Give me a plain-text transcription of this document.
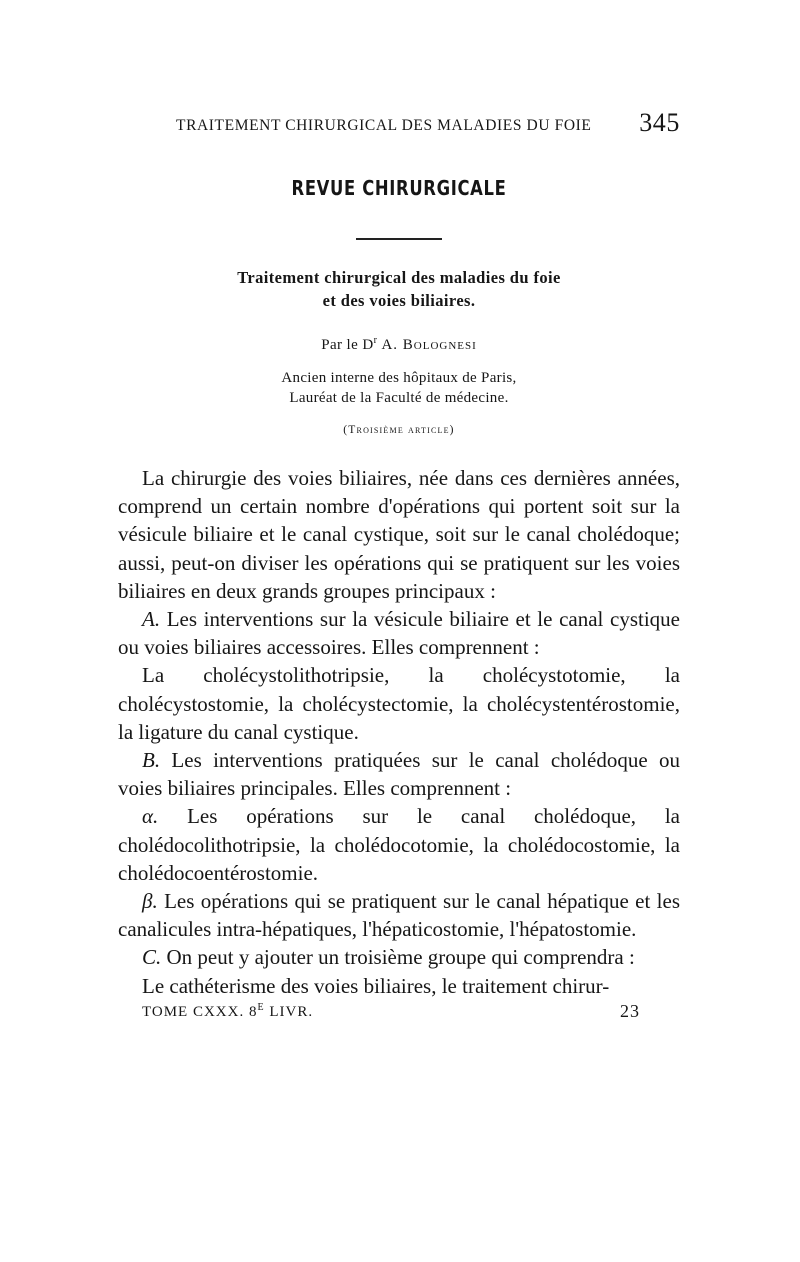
TRAITEMENT CHIRURGICAL DES MALADIES DU FOIE 345
REVUE CHIRURGICALE
Traitement chirurgical des maladies du foie
et des voies biliaires.
Par le $D^r$ A. Bolognesi
Ancien interne des hôpitaux de Paris,
Lauréat de la Faculté de médecine.
(Troisième article)

La chirurgie des voies biliaires, née dans ces dernières années, comprend un certain nombre d'opérations qui portent soit sur la vésicule biliaire et le canal cystique, soit sur le canal cholédoque; aussi, peut-on diviser les opérations qui se pratiquent sur les voies biliaires en deux grands groupes principaux :

A. Les interventions sur la vésicule biliaire et le canal cystique ou voies biliaires accessoires. Elles comprennent :

La cholécystolithotripsie, la cholécystotomie, la cholécystostomie, la cholécystectomie, la cholécystentérostomie, la ligature du canal cystique.

B. Les interventions pratiquées sur le canal cholédoque ou voies biliaires principales. Elles comprennent :

α. Les opérations sur le canal cholédoque, la cholédocolithotripsie, la cholédocotomie, la cholédocostomie, la cholédocoentérostomie.

β. Les opérations qui se pratiquent sur le canal hépatique et les canalicules intra-hépatiques, l'hépaticostomie, l'hépatostomie.

C. On peut y ajouter un troisième groupe qui comprendra :

Le cathéterisme des voies biliaires, le traitement chirur-

TOME CXXX. $8^E$ LIVR.	23
